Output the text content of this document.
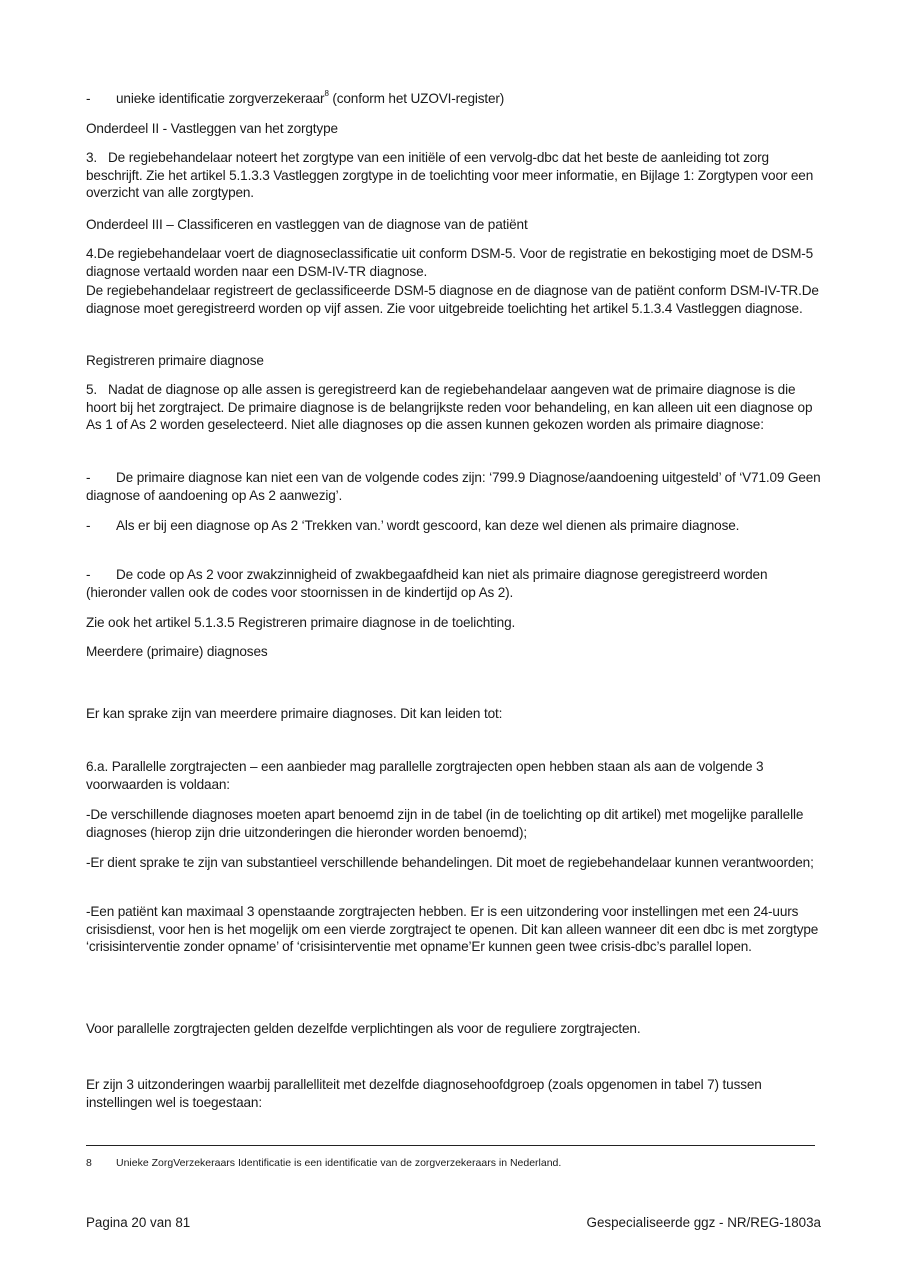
- unieke identificatie zorgverzekeraar$^8$ (conform het UZOVI-register)

Onderdeel II - Vastleggen van het zorgtype

3. De regiebehandelaar noteert het zorgtype van een initiële of een vervolg-dbc dat het beste de aanleiding tot zorg beschrijft. Zie het artikel 5.1.3.3 Vastleggen zorgtype in de toelichting voor meer informatie, en Bijlage 1: Zorgtypen voor een overzicht van alle zorgtypen.

Onderdeel III – Classificeren en vastleggen van de diagnose van de patiënt

4.De regiebehandelaar voert de diagnoseclassificatie uit conform DSM-5. Voor de registratie en bekostiging moet de DSM-5 diagnose vertaald worden naar een DSM-IV-TR diagnose.

De regiebehandelaar registreert de geclassificeerde DSM-5 diagnose en de diagnose van de patiënt conform DSM-IV-TR.De diagnose moet geregistreerd worden op vijf assen. Zie voor uitgebreide toelichting het artikel 5.1.3.4 Vastleggen diagnose.

Registreren primaire diagnose

5. Nadat de diagnose op alle assen is geregistreerd kan de regiebehandelaar aangeven wat de primaire diagnose is die hoort bij het zorgtraject. De primaire diagnose is de belangrijkste reden voor behandeling, en kan alleen uit een diagnose op As 1 of As 2 worden geselecteerd. Niet alle diagnoses op die assen kunnen gekozen worden als primaire diagnose:

- De primaire diagnose kan niet een van de volgende codes zijn: ‘799.9 Diagnose/aandoening uitgesteld’ of ‘V71.09 Geen diagnose of aandoening op As 2 aanwezig’.

- Als er bij een diagnose op As 2 ‘Trekken van.’ wordt gescoord, kan deze wel dienen als primaire diagnose.

- De code op As 2 voor zwakzinnigheid of zwakbegaafdheid kan niet als primaire diagnose geregistreerd worden (hieronder vallen ook de codes voor stoornissen in de kindertijd op As 2).

Zie ook het artikel 5.1.3.5 Registreren primaire diagnose in de toelichting.

Meerdere (primaire) diagnoses

Er kan sprake zijn van meerdere primaire diagnoses. Dit kan leiden tot:

6.a. Parallelle zorgtrajecten – een aanbieder mag parallelle zorgtrajecten open hebben staan als aan de volgende 3 voorwaarden is voldaan:

-De verschillende diagnoses moeten apart benoemd zijn in de tabel (in de toelichting op dit artikel) met mogelijke parallelle diagnoses (hierop zijn drie uitzonderingen die hieronder worden benoemd);

-Er dient sprake te zijn van substantieel verschillende behandelingen. Dit moet de regiebehandelaar kunnen verantwoorden;

-Een patiënt kan maximaal 3 openstaande zorgtrajecten hebben. Er is een uitzondering voor instellingen met een 24-uurs crisisdienst, voor hen is het mogelijk om een vierde zorgtraject te openen. Dit kan alleen wanneer dit een dbc is met zorgtype ‘crisisinterventie zonder opname’ of ‘crisisinterventie met opname’Er kunnen geen twee crisis-dbc’s parallel lopen.

Voor parallelle zorgtrajecten gelden dezelfde verplichtingen als voor de reguliere zorgtrajecten.

Er zijn 3 uitzonderingen waarbij parallelliteit met dezelfde diagnosehoofdgroep (zoals opgenomen in tabel 7) tussen instellingen wel is toegestaan:

8 Unieke ZorgVerzekeraars Identificatie is een identificatie van de zorgverzekeraars in Nederland.
Pagina 20 van 81	Gespecialiseerde ggz - NR/REG-1803a
